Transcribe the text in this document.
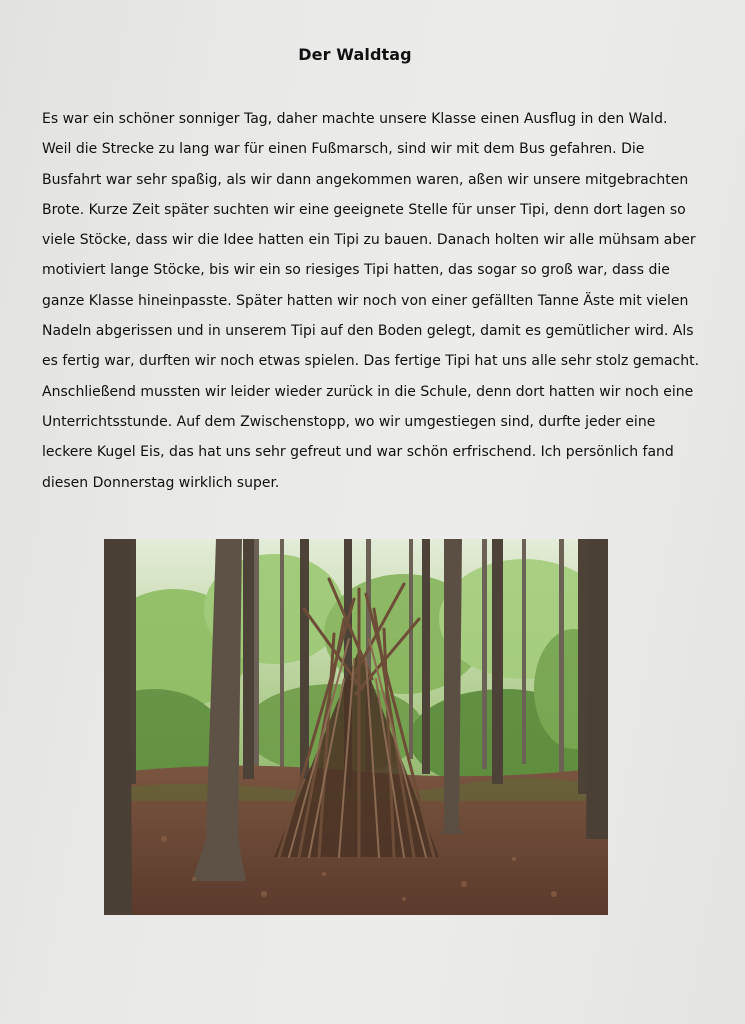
Der Waldtag
Es war ein schöner sonniger Tag, daher machte unsere Klasse einen Ausflug in den Wald.
Weil die Strecke zu lang war für einen Fußmarsch, sind wir mit dem Bus gefahren. Die
Busfahrt war sehr spaßig, als wir dann angekommen waren, aßen wir unsere mitgebrachten
Brote. Kurze Zeit später suchten wir eine geeignete Stelle für unser Tipi, denn dort lagen so
viele Stöcke, dass wir die Idee hatten ein Tipi zu bauen. Danach holten wir alle mühsam aber
motiviert lange Stöcke, bis wir ein so riesiges Tipi hatten, das sogar so groß war, dass die
ganze Klasse hineinpasste. Später hatten wir noch von einer gefällten Tanne Äste mit vielen
Nadeln abgerissen und in unserem Tipi auf den Boden gelegt, damit es gemütlicher wird. Als
es fertig war, durften wir noch etwas spielen. Das fertige Tipi hat uns alle sehr stolz gemacht.
Anschließend mussten wir leider wieder zurück in die Schule, denn dort hatten wir noch eine
Unterrichtsstunde. Auf dem Zwischenstopp, wo wir umgestiegen sind, durfte jeder eine
leckere Kugel Eis, das hat uns sehr gefreut und war schön erfrischend. Ich persönlich fand
diesen Donnerstag wirklich super.
